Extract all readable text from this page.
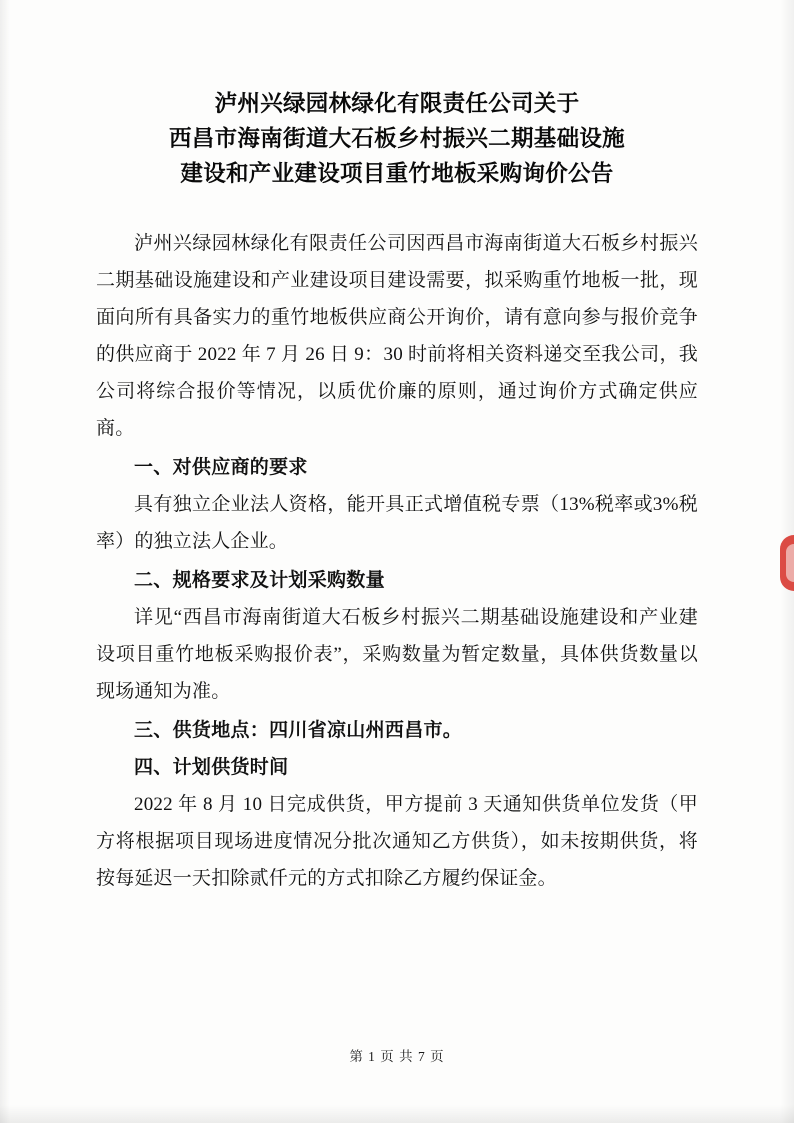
泸州兴绿园林绿化有限责任公司关于
西昌市海南街道大石板乡村振兴二期基础设施
建设和产业建设项目重竹地板采购询价公告

泸州兴绿园林绿化有限责任公司因西昌市海南街道大石板乡村振兴二期基础设施建设和产业建设项目建设需要，拟采购重竹地板一批，现面向所有具备实力的重竹地板供应商公开询价，请有意向参与报价竞争的供应商于 2022 年 7 月 26 日 9：30 时前将相关资料递交至我公司，我公司将综合报价等情况，以质优价廉的原则，通过询价方式确定供应商。

一、对供应商的要求

具有独立企业法人资格，能开具正式增值税专票（13%税率或3%税率）的独立法人企业。

二、规格要求及计划采购数量

详见“西昌市海南街道大石板乡村振兴二期基础设施建设和产业建设项目重竹地板采购报价表”，采购数量为暂定数量，具体供货数量以现场通知为准。

三、供货地点：四川省凉山州西昌市。
四、计划供货时间

2022 年 8 月 10 日完成供货，甲方提前 3 天通知供货单位发货（甲方将根据项目现场进度情况分批次通知乙方供货），如未按期供货，将按每延迟一天扣除贰仟元的方式扣除乙方履约保证金。

第 1 页 共 7 页
